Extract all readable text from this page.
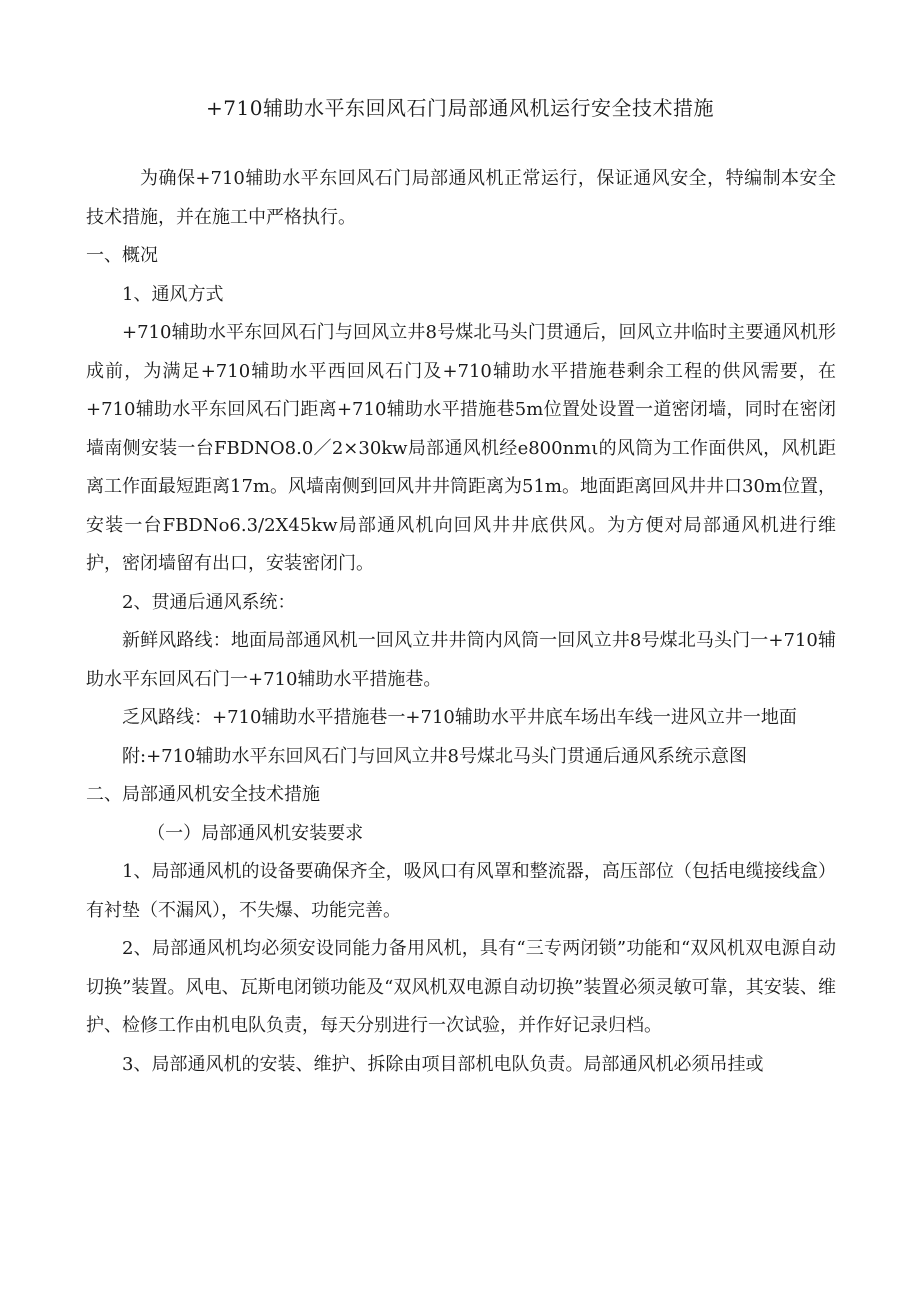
+710辅助水平东回风石门局部通风机运行安全技术措施

为确保+710辅助水平东回风石门局部通风机正常运行，保证通风安全，特编制本安全技术措施，并在施工中严格执行。

一、概况

1、通风方式

+710辅助水平东回风石门与回风立井8号煤北马头门贯通后，回风立井临时主要通风机形成前，为满足+710辅助水平西回风石门及+710辅助水平措施巷剩余工程的供风需要，在+710辅助水平东回风石门距离+710辅助水平措施巷5m位置处设置一道密闭墙，同时在密闭墙南侧安装一台FBDNO8.0／2×30kw局部通风机经e800nmι的风筒为工作面供风，风机距离工作面最短距离17m。风墙南侧到回风井井筒距离为51m。地面距离回风井井口30m位置，安装一台FBDNo6.3/2X45kw局部通风机向回风井井底供风。为方便对局部通风机进行维护，密闭墙留有出口，安装密闭门。

2、贯通后通风系统：

新鲜风路线：地面局部通风机一回风立井井筒内风筒一回风立井8号煤北马头门一+710辅助水平东回风石门一+710辅助水平措施巷。

乏风路线：+710辅助水平措施巷一+710辅助水平井底车场出车线一进风立井一地面

附:+710辅助水平东回风石门与回风立井8号煤北马头门贯通后通风系统示意图

二、局部通风机安全技术措施

（一）局部通风机安装要求

1、局部通风机的设备要确保齐全，吸风口有风罩和整流器，高压部位（包括电缆接线盒）有衬垫（不漏风），不失爆、功能完善。

2、局部通风机均必须安设同能力备用风机，具有“三专两闭锁”功能和“双风机双电源自动切换”装置。风电、瓦斯电闭锁功能及“双风机双电源自动切换”装置必须灵敏可靠，其安装、维护、检修工作由机电队负责，每天分别进行一次试验，并作好记录归档。

3、局部通风机的安装、维护、拆除由项目部机电队负责。局部通风机必须吊挂或
